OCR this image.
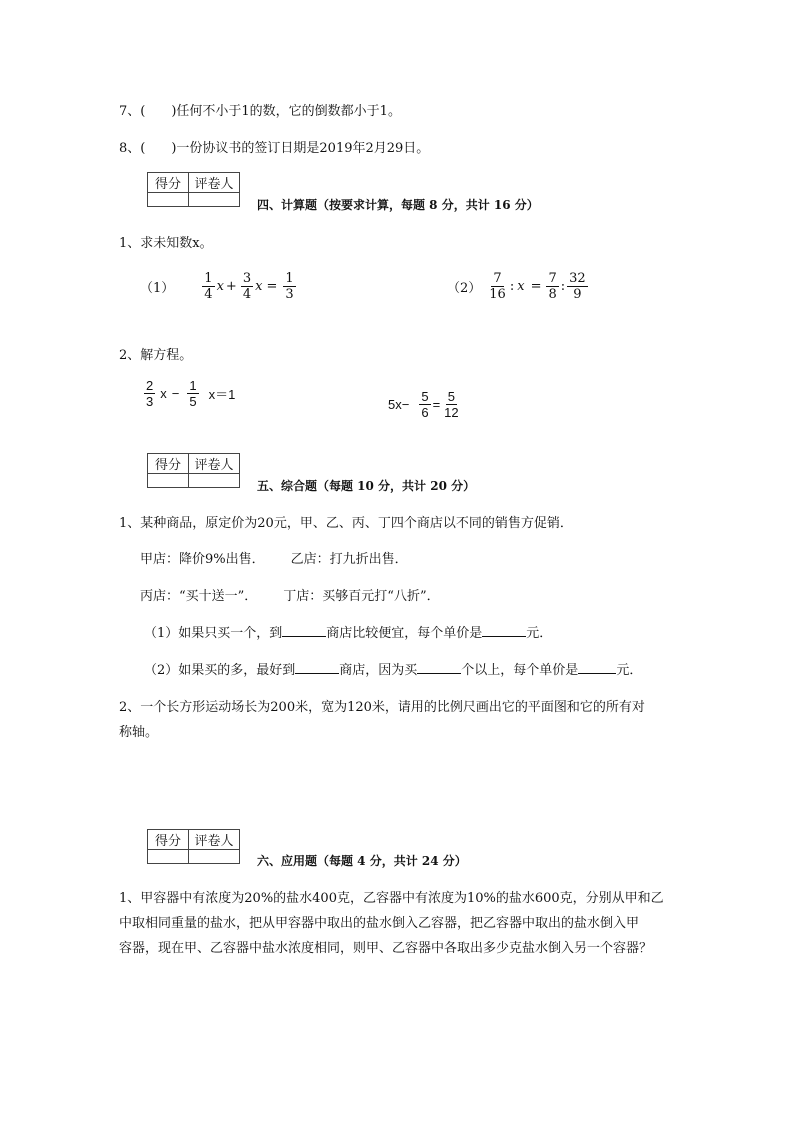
7、(　　)任何不小于1的数，它的倒数都小于1。
8、(　　)一份协议书的签订日期是2019年2月29日。
得分	评卷人

四、计算题（按要求计算，每题 8 分，共计 16 分）
1、求未知数x。
$(1) \frac{1}{4}$ $x + \frac{3}{4}$ $x = \frac{1}{3}$	$(2) \frac{7}{16}$ : $x = \frac{7}{8}$ : $\frac{32}{9}$
2、解方程。
$\frac{2}{3}$ $x - \frac{1}{5} x=1$
$5x- \frac{5}{6} = \frac{5}{12}$
得分	评卷人

五、综合题（每题 10 分，共计 20 分）
1、某种商品，原定价为20元，甲、乙、丙、丁四个商店以不同的销售方促销．
甲店：降价9%出售． 乙店：打九折出售．
丙店：“买十送一”． 丁店：买够百元打“八折”．
（1）如果只买一个，到	商店比较便宜，每个单价是	元．
（2）如果买的多，最好到	商店，因为买	个以上，每个单价是	元．
2、一个长方形运动场长为200米，宽为120米，请用的比例尺画出它的平面图和它的所有对
称轴。
得分	评卷人

六、应用题（每题 4 分，共计 24 分）
1、甲容器中有浓度为20%的盐水400克，乙容器中有浓度为10%的盐水600克，分别从甲和乙
中取相同重量的盐水，把从甲容器中取出的盐水倒入乙容器，把乙容器中取出的盐水倒入甲
容器，现在甲、乙容器中盐水浓度相同，则甲、乙容器中各取出多少克盐水倒入另一个容器？
